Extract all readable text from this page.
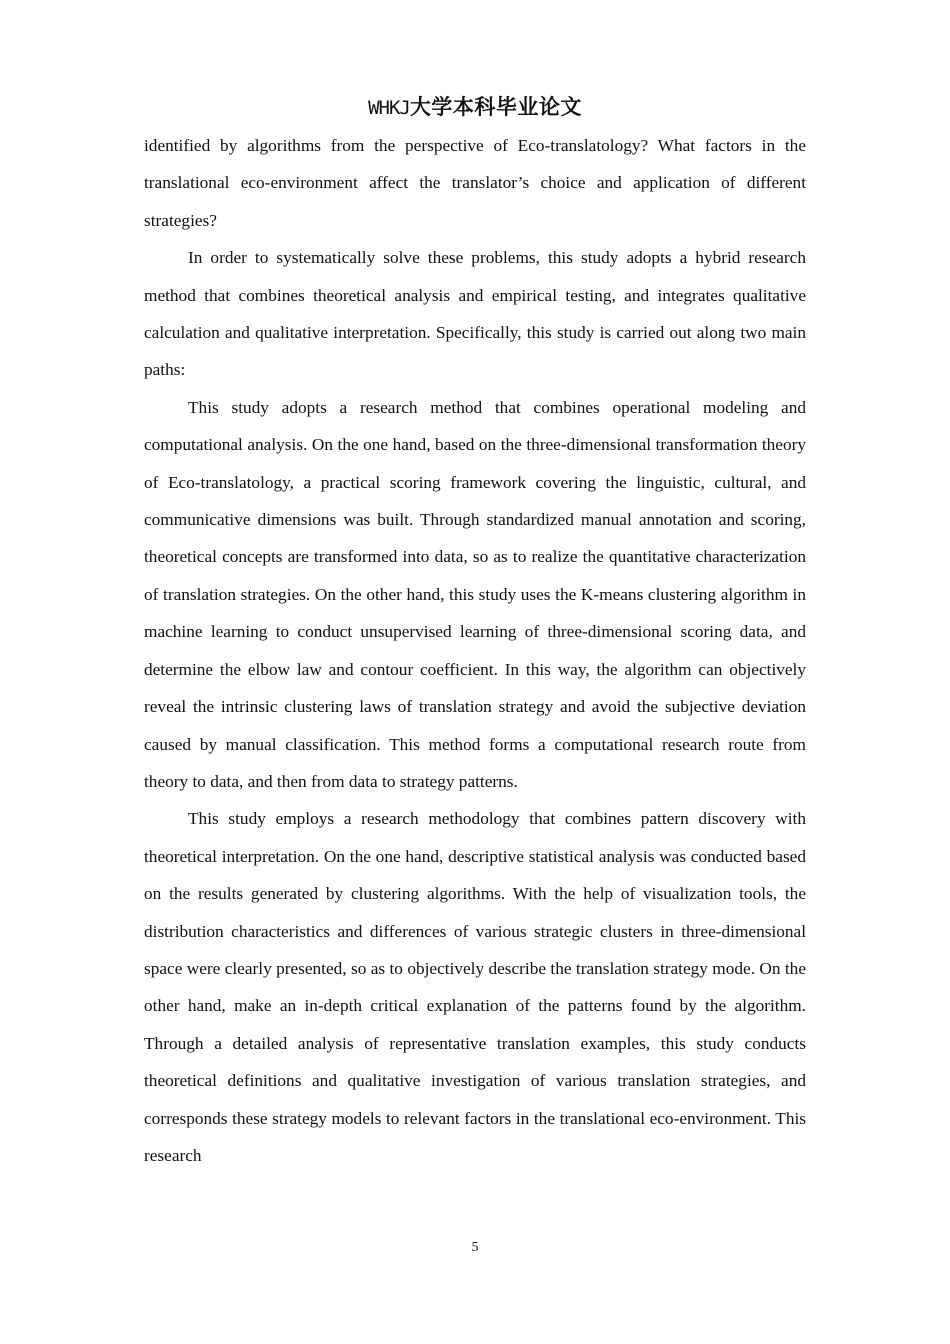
WHKJ大学本科毕业论文

identified by algorithms from the perspective of Eco-translatology? What factors in the translational eco-environment affect the translator’s choice and application of different strategies?

In order to systematically solve these problems, this study adopts a hybrid research method that combines theoretical analysis and empirical testing, and integrates qualitative calculation and qualitative interpretation. Specifically, this study is carried out along two main paths:

This study adopts a research method that combines operational modeling and computational analysis. On the one hand, based on the three-dimensional transformation theory of Eco-translatology, a practical scoring framework covering the linguistic, cultural, and communicative dimensions was built. Through standardized manual annotation and scoring, theoretical concepts are transformed into data, so as to realize the quantitative characterization of translation strategies. On the other hand, this study uses the K-means clustering algorithm in machine learning to conduct unsupervised learning of three-dimensional scoring data, and determine the elbow law and contour coefficient. In this way, the algorithm can objectively reveal the intrinsic clustering laws of translation strategy and avoid the subjective deviation caused by manual classification. This method forms a computational research route from theory to data, and then from data to strategy patterns.

This study employs a research methodology that combines pattern discovery with theoretical interpretation. On the one hand, descriptive statistical analysis was conducted based on the results generated by clustering algorithms. With the help of visualization tools, the distribution characteristics and differences of various strategic clusters in three-dimensional space were clearly presented, so as to objectively describe the translation strategy mode. On the other hand, make an in-depth critical explanation of the patterns found by the algorithm. Through a detailed analysis of representative translation examples, this study conducts theoretical definitions and qualitative investigation of various translation strategies, and corresponds these strategy models to relevant factors in the translational eco-environment. This research

5
